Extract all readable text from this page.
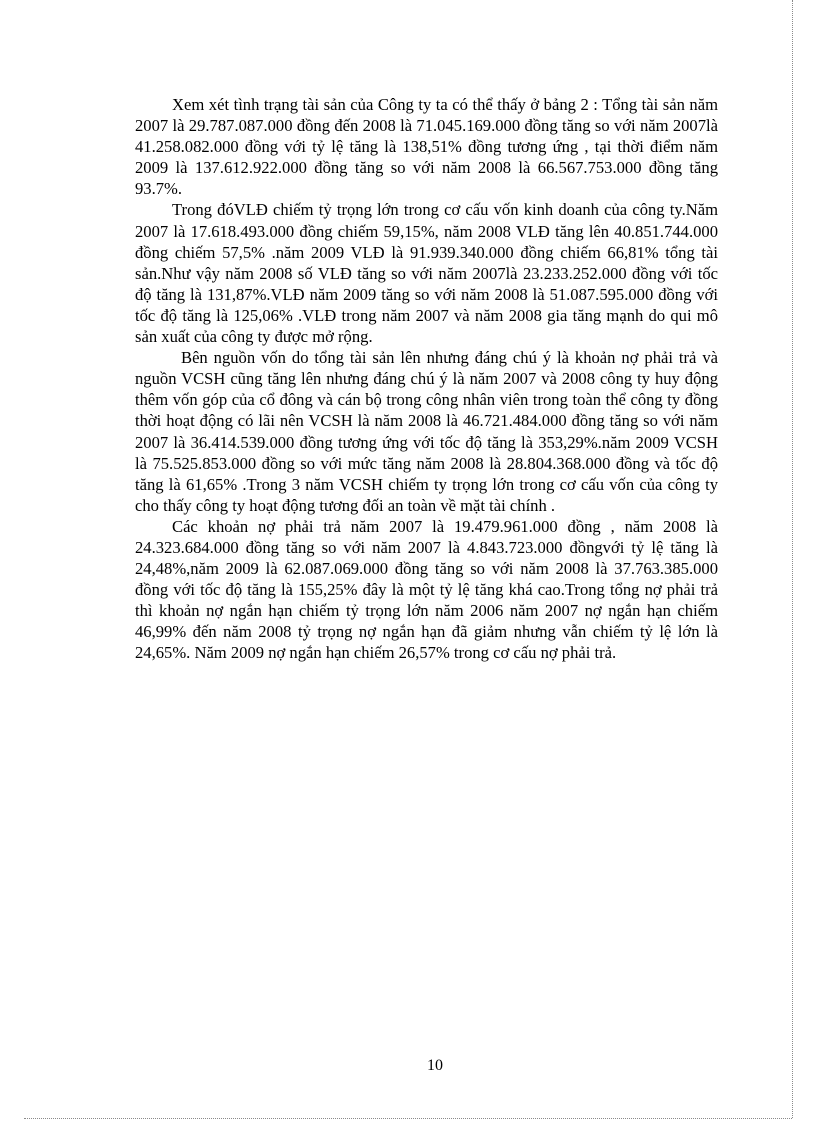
Xem xét tình trạng tài sản của Công ty ta có thể thấy ở bảng 2 : Tổng tài sản năm 2007 là 29.787.087.000 đồng đến 2008 là 71.045.169.000 đồng tăng so với năm 2007là 41.258.082.000 đồng với tỷ lệ tăng là 138,51% đồng tương ứng , tại thời điểm năm 2009 là 137.612.922.000 đồng tăng so với năm 2008 là 66.567.753.000 đồng tăng 93.7%.

Trong đóVLĐ chiếm tỷ trọng lớn trong cơ cấu vốn kinh doanh của công ty.Năm 2007 là 17.618.493.000 đồng chiếm 59,15%, năm 2008 VLĐ tăng lên 40.851.744.000 đồng chiếm 57,5% .năm 2009 VLĐ là 91.939.340.000 đồng chiếm 66,81% tổng tài sản.Như vậy năm 2008 số VLĐ tăng so với năm 2007là 23.233.252.000 đồng với tốc độ tăng là 131,87%.VLĐ năm 2009 tăng so với năm 2008 là 51.087.595.000 đồng với tốc độ tăng là 125,06% .VLĐ trong năm 2007 và năm 2008 gia tăng mạnh do qui mô sản xuất của công ty được mở rộng.

Bên nguồn vốn do tổng tài sản lên nhưng đáng chú ý là khoản nợ phải trả và nguồn VCSH cũng tăng lên nhưng đáng chú ý là năm 2007 và 2008 công ty huy động thêm vốn góp của cổ đông và cán bộ trong công nhân viên trong toàn thể công ty đồng thời hoạt động có lãi nên VCSH là năm 2008 là 46.721.484.000 đồng tăng so với năm 2007 là 36.414.539.000 đồng tương ứng với tốc độ tăng là 353,29%.năm 2009 VCSH là 75.525.853.000 đồng so với mức tăng năm 2008 là 28.804.368.000 đồng và tốc độ tăng là 61,65% .Trong 3 năm VCSH chiếm ty trọng lớn trong cơ cấu vốn của công ty cho thấy công ty hoạt động tương đối an toàn về mặt tài chính .

Các khoản nợ phải trả năm 2007 là 19.479.961.000 đồng , năm 2008 là 24.323.684.000 đồng tăng so với năm 2007 là 4.843.723.000 đồngvới tỷ lệ tăng là 24,48%,năm 2009 là 62.087.069.000 đồng tăng so với năm 2008 là 37.763.385.000 đồng với tốc độ tăng là 155,25% đây là một tỷ lệ tăng khá cao.Trong tổng nợ phải trả thì khoản nợ ngắn hạn chiếm tỷ trọng lớn năm 2006 năm 2007 nợ ngắn hạn chiếm 46,99% đến năm 2008 tỷ trọng nợ ngắn hạn đã giảm nhưng vẫn chiếm tỷ lệ lớn là 24,65%. Năm 2009 nợ ngắn hạn chiếm 26,57% trong cơ cấu nợ phải trả.

10
